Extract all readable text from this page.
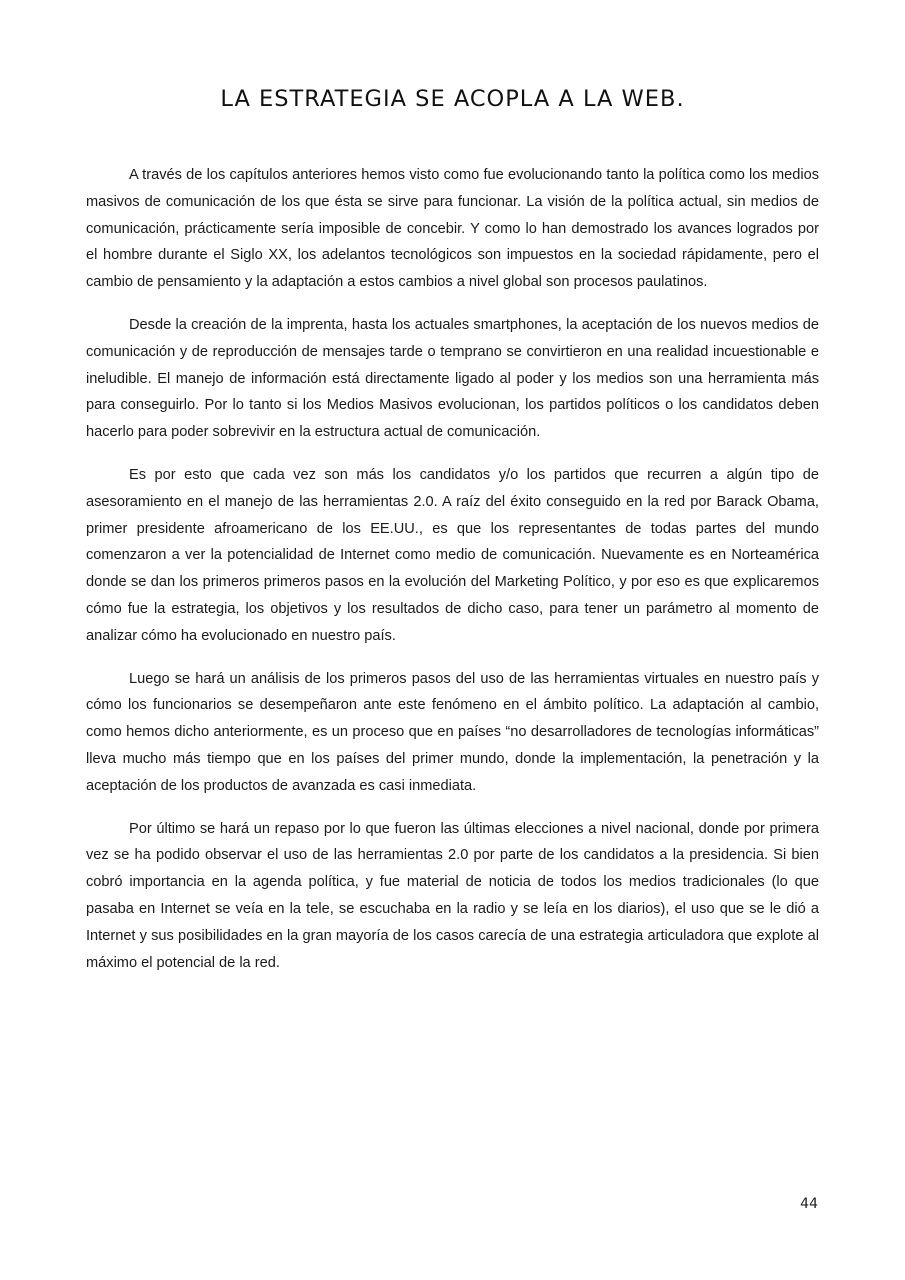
LA ESTRATEGIA SE ACOPLA A LA WEB.

A través de los capítulos anteriores hemos visto como fue evolucionando tanto la política como los medios masivos de comunicación de los que ésta se sirve para funcionar. La visión de la política actual, sin medios de comunicación, prácticamente sería imposible de concebir. Y como lo han demostrado los avances logrados por el hombre durante el Siglo XX, los adelantos tecnológicos son impuestos en la sociedad rápidamente, pero el cambio de pensamiento y la adaptación a estos cambios a nivel global son procesos paulatinos.

Desde la creación de la imprenta, hasta los actuales smartphones, la aceptación de los nuevos medios de comunicación y de reproducción de mensajes tarde o temprano se convirtieron en una realidad incuestionable e ineludible. El manejo de información está directamente ligado al poder y los medios son una herramienta más para conseguirlo. Por lo tanto si los Medios Masivos evolucionan, los partidos políticos o los candidatos deben hacerlo para poder sobrevivir en la estructura actual de comunicación.

Es por esto que cada vez son más los candidatos y/o los partidos que recurren a algún tipo de asesoramiento en el manejo de las herramientas 2.0. A raíz del éxito conseguido en la red por Barack Obama, primer presidente afroamericano de los EE.UU., es que los representantes de todas partes del mundo comenzaron a ver la potencialidad de Internet como medio de comunicación. Nuevamente es en Norteamérica donde se dan los primeros primeros pasos en la evolución del Marketing Político, y por eso es que explicaremos cómo fue la estrategia, los objetivos y los resultados de dicho caso, para tener un parámetro al momento de analizar cómo ha evolucionado en nuestro país.

Luego se hará un análisis de los primeros pasos del uso de las herramientas virtuales en nuestro país y cómo los funcionarios se desempeñaron ante este fenómeno en el ámbito político. La adaptación al cambio, como hemos dicho anteriormente, es un proceso que en países “no desarrolladores de tecnologías informáticas” lleva mucho más tiempo que en los países del primer mundo, donde la implementación, la penetración y la aceptación de los productos de avanzada es casi inmediata.

Por último se hará un repaso por lo que fueron las últimas elecciones a nivel nacional, donde por primera vez se ha podido observar el uso de las herramientas 2.0 por parte de los candidatos a la presidencia. Si bien cobró importancia en la agenda política, y fue material de noticia de todos los medios tradicionales (lo que pasaba en Internet se veía en la tele, se escuchaba en la radio y se leía en los diarios), el uso que se le dió a Internet y sus posibilidades en la gran mayoría de los casos carecía de una estrategia articuladora que explote al máximo el potencial de la red.

44
